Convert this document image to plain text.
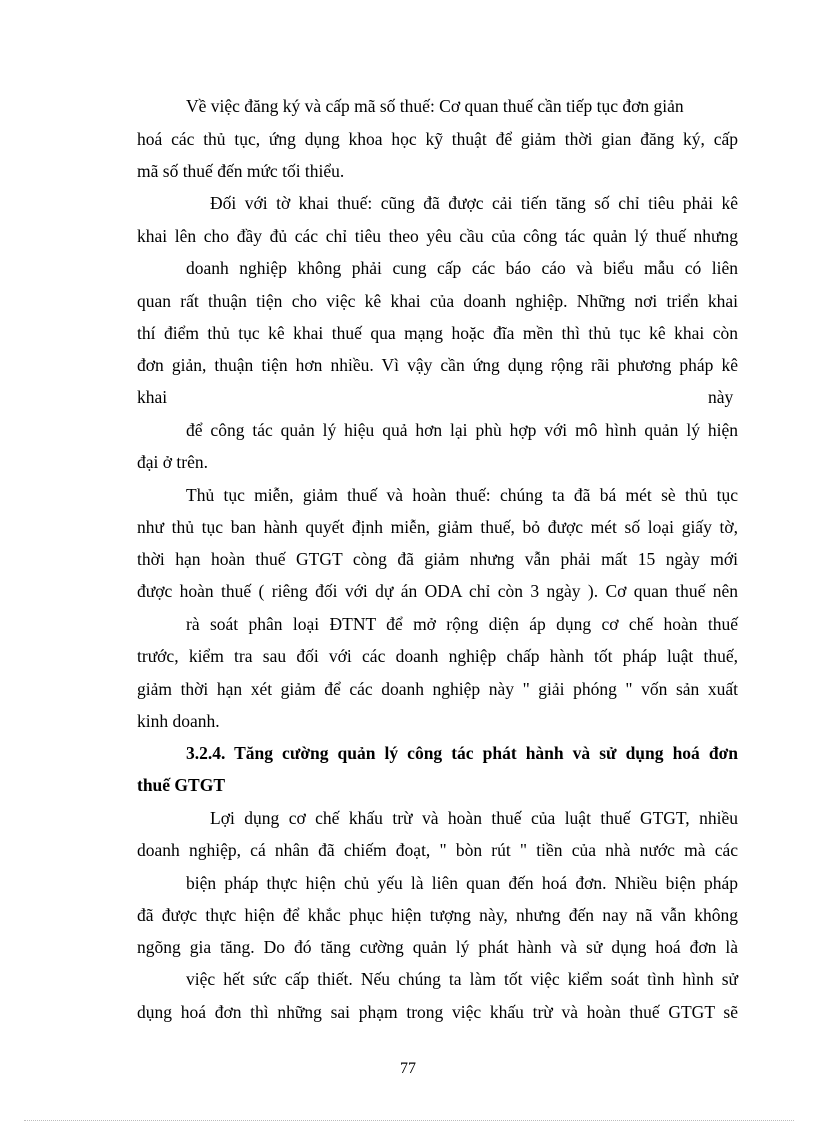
Về việc đăng ký và cấp mã số thuế: Cơ quan thuế cần tiếp tục đơn giản
hoá các thủ tục, ứng dụng khoa học kỹ thuật để giảm thời gian đăng ký, cấp
mã số thuế đến mức tối thiểu.
Đối với tờ khai thuế: cũng đã được cải tiến tăng số chỉ tiêu phải kê
khai lên cho đầy đủ các chỉ tiêu theo yêu cầu của công tác quản lý thuế nhưng
doanh nghiệp không phải cung cấp các báo cáo và biểu mẫu có liên
quan rất thuận tiện cho việc kê khai của doanh nghiệp. Những nơi triển khai
thí điểm thủ tục kê khai thuế qua mạng hoặc đĩa mền thì thủ tục kê khai còn
đơn giản, thuận tiện hơn nhiều. Vì vậy cần ứng dụng rộng rãi phương pháp kê
khai	này
để công tác quản lý hiệu quả hơn lại phù hợp với mô hình quản lý hiện
đại ở trên.
Thủ tục miễn, giảm thuế và hoàn thuế: chúng ta đã bá mét sè thủ tục
như thủ tục ban hành quyết định miễn, giảm thuế, bỏ được mét số loại giấy tờ,
thời hạn hoàn thuế GTGT còng đã giảm nhưng vẫn phải mất 15 ngày mới
được hoàn thuế ( riêng đối với dự án ODA chỉ còn 3 ngày ). Cơ quan thuế nên
rà soát phân loại ĐTNT để mở rộng diện áp dụng cơ chế hoàn thuế
trước, kiểm tra sau đối với các doanh nghiệp chấp hành tốt pháp luật thuế,
giảm thời hạn xét giảm để các doanh nghiệp này " giải phóng " vốn sản xuất
kinh doanh.
3.2.4. Tăng cường quản lý công tác phát hành và sử dụng hoá đơn
thuế GTGT
Lợi dụng cơ chế khấu trừ và hoàn thuế của luật thuế GTGT, nhiều
doanh nghiệp, cá nhân đã chiếm đoạt, " bòn rút " tiền của nhà nước mà các
biện pháp thực hiện chủ yếu là liên quan đến hoá đơn. Nhiều biện pháp
đã được thực hiện để khắc phục hiện tượng này, nhưng đến nay nã vẫn không
ngõng gia tăng. Do đó tăng cường quản lý phát hành và sử dụng hoá đơn là
việc hết sức cấp thiết. Nếu chúng ta làm tốt việc kiểm soát tình hình sử
dụng hoá đơn thì những sai phạm trong việc khấu trừ và hoàn thuế GTGT sẽ
77
